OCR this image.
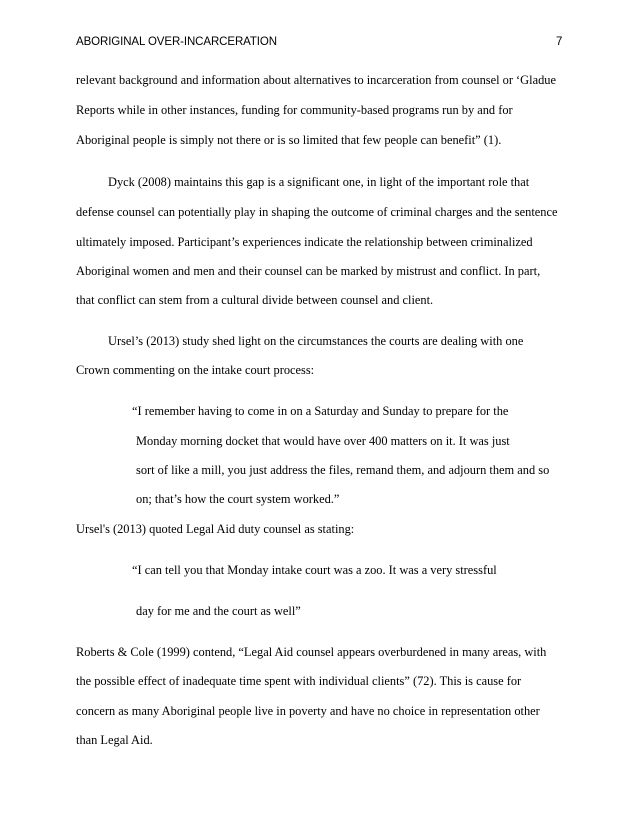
ABORIGINAL OVER-INCARCERATION	7
relevant background and information about alternatives to incarceration from counsel or ‘Gladue
Reports while in other instances, funding for community-based programs run by and for
Aboriginal people is simply not there or is so limited that few people can benefit” (1).
Dyck (2008) maintains this gap is a significant one, in light of the important role that
defense counsel can potentially play in shaping the outcome of criminal charges and the sentence
ultimately imposed. Participant’s experiences indicate the relationship between criminalized
Aboriginal women and men and their counsel can be marked by mistrust and conflict. In part,
that conflict can stem from a cultural divide between counsel and client.
Ursel’s (2013) study shed light on the circumstances the courts are dealing with one
Crown commenting on the intake court process:
“I remember having to come in on a Saturday and Sunday to prepare for the
Monday morning docket that would have over 400 matters on it. It was just
sort of like a mill, you just address the files, remand them, and adjourn them and so
on; that’s how the court system worked.”
Ursel's (2013) quoted Legal Aid duty counsel as stating:
“I can tell you that Monday intake court was a zoo. It was a very stressful
day for me and the court as well”
Roberts & Cole (1999) contend, “Legal Aid counsel appears overburdened in many areas, with
the possible effect of inadequate time spent with individual clients” (72). This is cause for
concern as many Aboriginal people live in poverty and have no choice in representation other
than Legal Aid.
